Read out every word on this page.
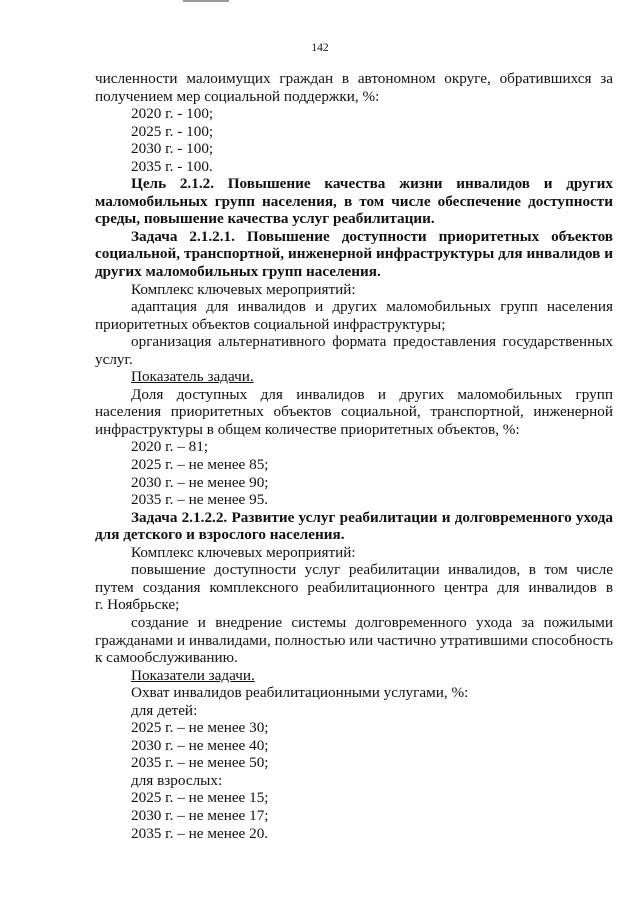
142

численности малоимущих граждан в автономном округе, обратившихся за

получением мер социальной поддержки, %:

2020 г. - 100;

2025 г. - 100;

2030 г. - 100;

2035 г. - 100.

Цель 2.1.2. Повышение качества жизни инвалидов и других

маломобильных групп населения, в том числе обеспечение доступности

среды, повышение качества услуг реабилитации.

Задача 2.1.2.1. Повышение доступности приоритетных объектов

социальной, транспортной, инженерной инфраструктуры для инвалидов и

других маломобильных групп населения.

Комплекс ключевых мероприятий:

адаптация для инвалидов и других маломобильных групп населения

приоритетных объектов социальной инфраструктуры;

организация альтернативного формата предоставления государственных

услуг.

Показатель задачи.

Доля доступных для инвалидов и других маломобильных групп

населения приоритетных объектов социальной, транспортной, инженерной

инфраструктуры в общем количестве приоритетных объектов, %:

2020 г. – 81;

2025 г. – не менее 85;

2030 г. – не менее 90;

2035 г. – не менее 95.

Задача 2.1.2.2. Развитие услуг реабилитации и долговременного ухода

для детского и взрослого населения.

Комплекс ключевых мероприятий:

повышение доступности услуг реабилитации инвалидов, в том числе

путем создания комплексного реабилитационного центра для инвалидов в

г. Ноябрьске;

создание и внедрение системы долговременного ухода за пожилыми

гражданами и инвалидами, полностью или частично утратившими способность

к самообслуживанию.

Показатели задачи.

Охват инвалидов реабилитационными услугами, %:

для детей:

2025 г. – не менее 30;

2030 г. – не менее 40;

2035 г. – не менее 50;

для взрослых:

2025 г. – не менее 15;

2030 г. – не менее 17;

2035 г. – не менее 20.
